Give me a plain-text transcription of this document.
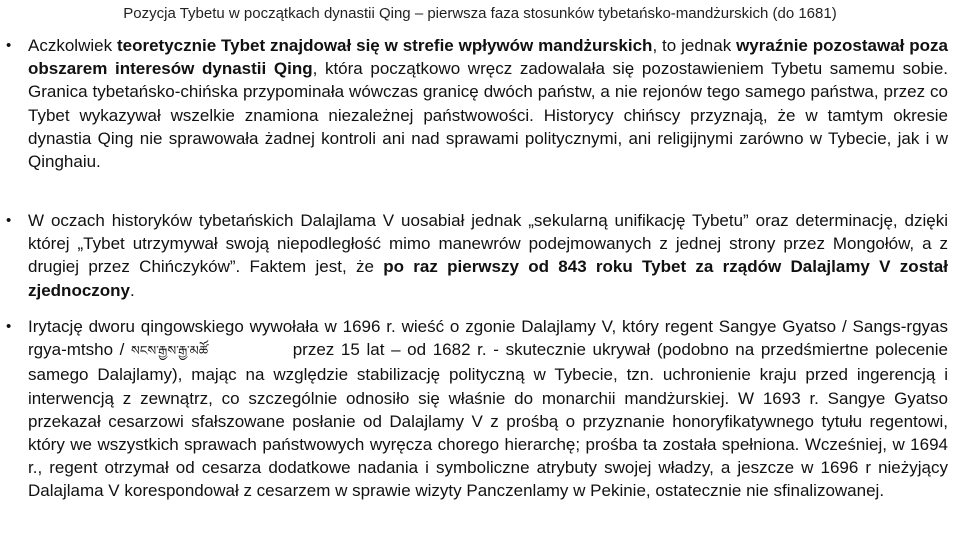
Pozycja Tybetu w początkach dynastii Qing – pierwsza faza stosunków tybetańsko-mandżurskich (do 1681)
• Aczkolwiek teoretycznie Tybet znajdował się w strefie wpływów mandżurskich, to jednak wyraźnie pozostawał poza obszarem interesów dynastii Qing, która początkowo wręcz zadowalała się pozostawieniem Tybetu samemu sobie. Granica tybetańsko-chińska przypominała wówczas granicę dwóch państw, a nie rejonów tego samego państwa, przez co Tybet wykazywał wszelkie znamiona niezależnej państwowości. Historycy chińscy przyznają, że w tamtym okresie dynastia Qing nie sprawowała żadnej kontroli ani nad sprawami politycznymi, ani religijnymi zarówno w Tybecie, jak i w Qinghaiu.
• W oczach historyków tybetańskich Dalajlama V uosabiał jednak „sekularną unifikację Tybetu” oraz determinację, dzięki której „Tybet utrzymywał swoją niepodległość mimo manewrów podejmowanych z jednej strony przez Mongołów, a z drugiej przez Chińczyków”. Faktem jest, że po raz pierwszy od 843 roku Tybet za rządów Dalajlamy V został zjednoczony.
• Irytację dworu qingowskiego wywołała w 1696 r. wieść o zgonie Dalajlamy V, który regent Sangye Gyatso / Sangs-rgyas rgya-mtsho / སངས་རྒྱས་རྒྱ་མཚོ	przez 15 lat – od 1682 r. - skutecznie ukrywał (podobno na przedśmiertne polecenie samego Dalajlamy), mając na względzie stabilizację polityczną w Tybecie, tzn. uchronienie kraju przed ingerencją i interwencją z zewnątrz, co szczególnie odnosiło się właśnie do monarchii mandżurskiej. W 1693 r. Sangye Gyatso przekazał cesarzowi sfałszowane posłanie od Dalajlamy V z prośbą o przyznanie honoryfikatywnego tytułu regentowi, który we wszystkich sprawach państwowych wyręcza chorego hierarchę; prośba ta została spełniona. Wcześniej, w 1694 r., regent otrzymał od cesarza dodatkowe nadania i symboliczne atrybuty swojej władzy, a jeszcze w 1696 r nieżyjący Dalajlama V korespondował z cesarzem w sprawie wizyty Panczenlamy w Pekinie, ostatecznie nie sfinalizowanej.
